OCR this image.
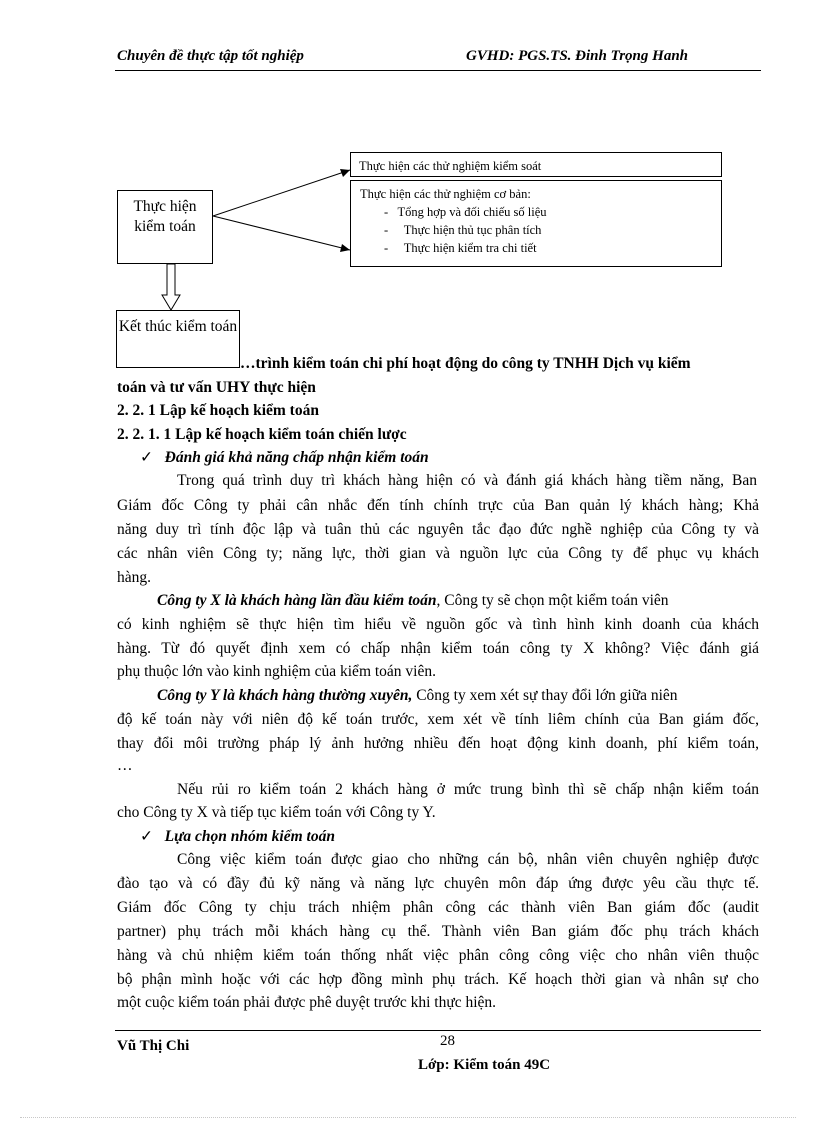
Chuyên đề thực tập tốt nghiệp	GVHD: PGS.TS. Đinh Trọng Hanh
Thực hiện kiểm toán
Thực hiện các thử nghiệm kiểm soát
Thực hiện các thử nghiệm cơ bản:
-   Tổng hợp và đối chiếu số liệu
-     Thực hiện thủ tục phân tích
-     Thực hiện kiểm tra chi tiết
…trình kiểm toán chi phí hoạt động do công ty TNHH Dịch vụ kiểm
toán và tư vấn UHY thực hiện
2. 2. 1 Lập kế hoạch kiểm toán
2. 2. 1. 1 Lập kế hoạch kiểm toán chiến lược
✓ Đánh giá khả năng chấp nhận kiểm toán
Kết thúc kiểm toán
Trong quá trình duy trì khách hàng hiện có và đánh giá khách hàng tiềm năng, Ban
Giám đốc Công ty phải cân nhắc đến tính chính trực của Ban quản lý khách hàng; Khả
năng duy trì tính độc lập và tuân thủ các nguyên tắc đạo đức nghề nghiệp của Công ty và
các nhân viên Công ty; năng lực, thời gian và nguồn lực của Công ty để phục vụ khách
hàng.
Công ty X là khách hàng lần đầu kiểm toán, Công ty sẽ chọn một kiểm toán viên
có kinh nghiệm sẽ thực hiện tìm hiểu về nguồn gốc và tình hình kinh doanh của khách
hàng. Từ đó quyết định xem có chấp nhận kiểm toán công ty X không? Việc đánh giá
phụ thuộc lớn vào kinh nghiệm của kiểm toán viên.
Công ty Y là khách hàng thường xuyên, Công ty xem xét sự thay đổi lớn giữa niên
độ kế toán này với niên độ kế toán trước, xem xét về tính liêm chính của Ban giám đốc,
thay đổi môi trường pháp lý ảnh hưởng nhiều đến hoạt động kinh doanh, phí kiểm toán,
…
Nếu rủi ro kiểm toán 2 khách hàng ở mức trung bình thì sẽ chấp nhận kiểm toán
cho Công ty X và tiếp tục kiểm toán với Công ty Y.
✓ Lựa chọn nhóm kiểm toán
Công việc kiểm toán được giao cho những cán bộ, nhân viên chuyên nghiệp được
đào tạo và có đầy đủ kỹ năng và năng lực chuyên môn đáp ứng được yêu cầu thực tế.
Giám đốc Công ty chịu trách nhiệm phân công các thành viên Ban giám đốc (audit
partner) phụ trách mỗi khách hàng cụ thể. Thành viên Ban giám đốc phụ trách khách
hàng và chủ nhiệm kiểm toán thống nhất việc phân công công việc cho nhân viên thuộc
bộ phận mình hoặc với các hợp đồng mình phụ trách. Kế hoạch thời gian và nhân sự cho
một cuộc kiểm toán phải được phê duyệt trước khi thực hiện.
Vũ Thị Chi	28
Lớp: Kiểm toán 49C
